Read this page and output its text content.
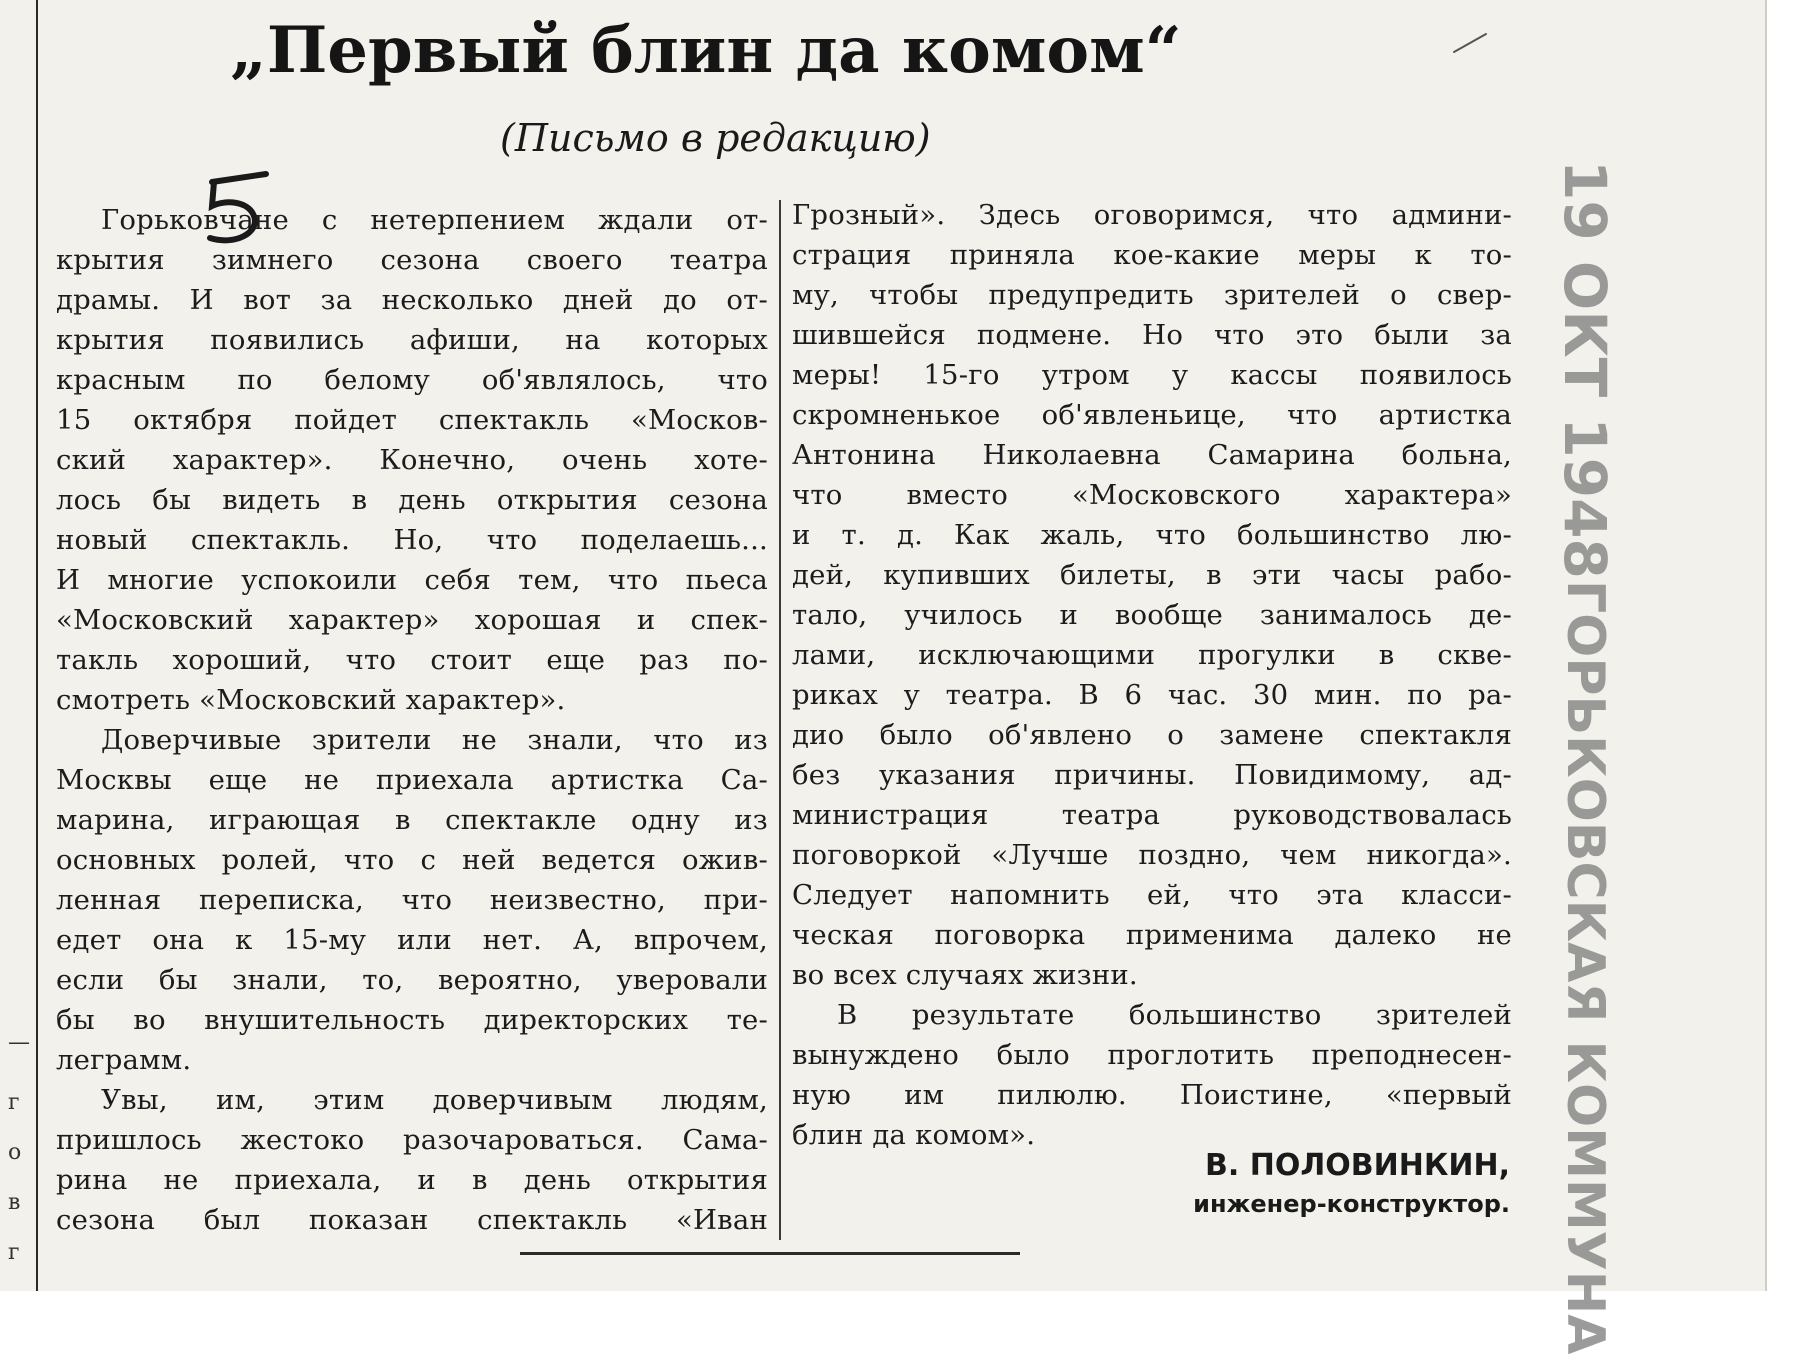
—
г
о
в
г
„Первый блин да комом“
(Письмо в редакцию)
Горьковчане с нетерпением ждали от-
крытия зимнего сезона своего театра
драмы. И вот за несколько дней до от-
крытия появились афиши, на которых
красным по белому об'являлось, что
15 октября пойдет спектакль «Москов-
ский характер». Конечно, очень хоте-
лось бы видеть в день открытия сезона
новый спектакль. Но, что поделаешь...
И многие успокоили себя тем, что пьеса
«Московский характер» хорошая и спек-
такль хороший, что стоит еще раз по-
смотреть «Московский характер».
Доверчивые зрители не знали, что из
Москвы еще не приехала артистка Са-
марина, играющая в спектакле одну из
основных ролей, что с ней ведется ожив-
ленная переписка, что неизвестно, при-
едет она к 15-му или нет. А, впрочем,
если бы знали, то, вероятно, уверовали
бы во внушительность директорских те-
леграмм.
Увы, им, этим доверчивым людям,
пришлось жестоко разочароваться. Сама-
рина не приехала, и в день открытия
сезона был показан спектакль «Иван
Грозный». Здесь оговоримся, что админи-
страция приняла кое-какие меры к то-
му, чтобы предупредить зрителей о свер-
шившейся подмене. Но что это были за
меры! 15-го утром у кассы появилось
скромненькое об'явленьице, что артистка
Антонина Николаевна Самарина больна,
что вместо «Московского характера»
и т. д. Как жаль, что большинство лю-
дей, купивших билеты, в эти часы рабо-
тало, училось и вообще занималось де-
лами, исключающими прогулки в скве-
риках у театра. В 6 час. 30 мин. по ра-
дио было об'явлено о замене спектакля
без указания причины. Повидимому, ад-
министрация театра руководствовалась
поговоркой «Лучше поздно, чем никогда».
Следует напомнить ей, что эта класси-
ческая поговорка применима далеко не
во всех случаях жизни.
В результате большинство зрителей
вынуждено было проглотить преподнесен-
ную им пилюлю. Поистине, «первый
блин да комом».
В. ПОЛОВИНКИН,
инженер-конструктор.
19 ОКТ 1948
ГОРЬКОВСКАЯ КОММУНА
